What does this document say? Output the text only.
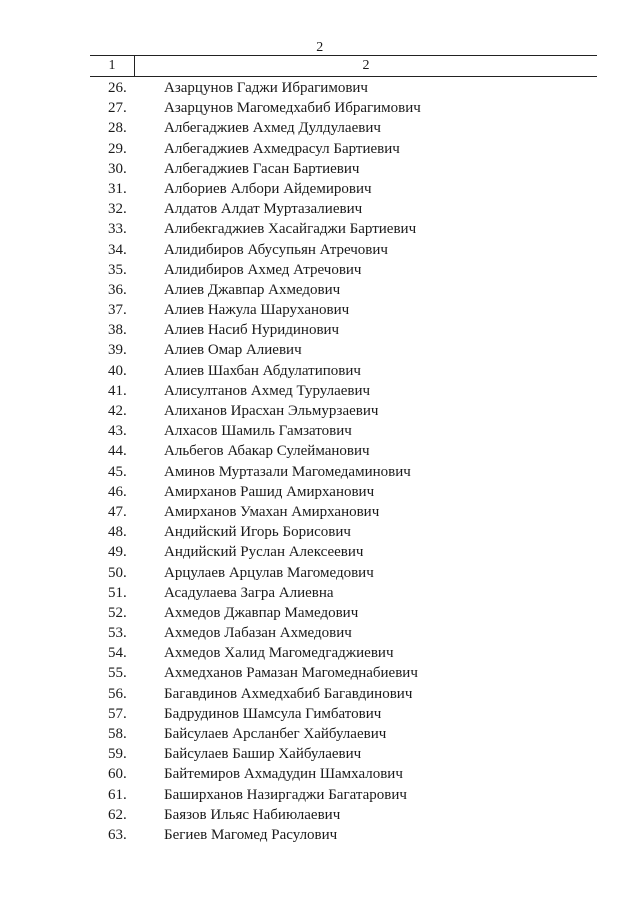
2
1	2
26. Азарцунов Гаджи Ибрагимович
27. Азарцунов Магомедхабиб Ибрагимович
28. Албегаджиев Ахмед Дулдулаевич
29. Албегаджиев Ахмедрасул Бартиевич
30. Албегаджиев Гасан Бартиевич
31. Албориев Албори Айдемирович
32. Алдатов Алдат Муртазалиевич
33. Алибекгаджиев Хасайгаджи Бартиевич
34. Алидибиров Абусупьян Атречович
35. Алидибиров Ахмед Атречович
36. Алиев Джавпар Ахмедович
37. Алиев Нажула Шаруханович
38. Алиев Насиб Нуридинович
39. Алиев Омар Алиевич
40. Алиев Шахбан Абдулатипович
41. Алисултанов Ахмед Турулаевич
42. Алиханов Ирасхан Эльмурзаевич
43. Алхасов Шамиль Гамзатович
44. Альбегов Абакар Сулейманович
45. Аминов Муртазали Магомедаминович
46. Амирханов Рашид Амирханович
47. Амирханов Умахан Амирханович
48. Андийский Игорь Борисович
49. Андийский Руслан Алексеевич
50. Арцулаев Арцулав Магомедович
51. Асадулаева Загра Алиевна
52. Ахмедов Джавпар Мамедович
53. Ахмедов Лабазан Ахмедович
54. Ахмедов Халид Магомедгаджиевич
55. Ахмедханов Рамазан Магомеднабиевич
56. Багавдинов Ахмедхабиб Багавдинович
57. Бадрудинов Шамсула Гимбатович
58. Байсулаев Арсланбег Хайбулаевич
59. Байсулаев Башир Хайбулаевич
60. Байтемиров Ахмадудин Шамхалович
61. Баширханов Назиргаджи Багатарович
62. Баязов Ильяс Набиюлаевич
63. Бегиев Магомед Расулович
